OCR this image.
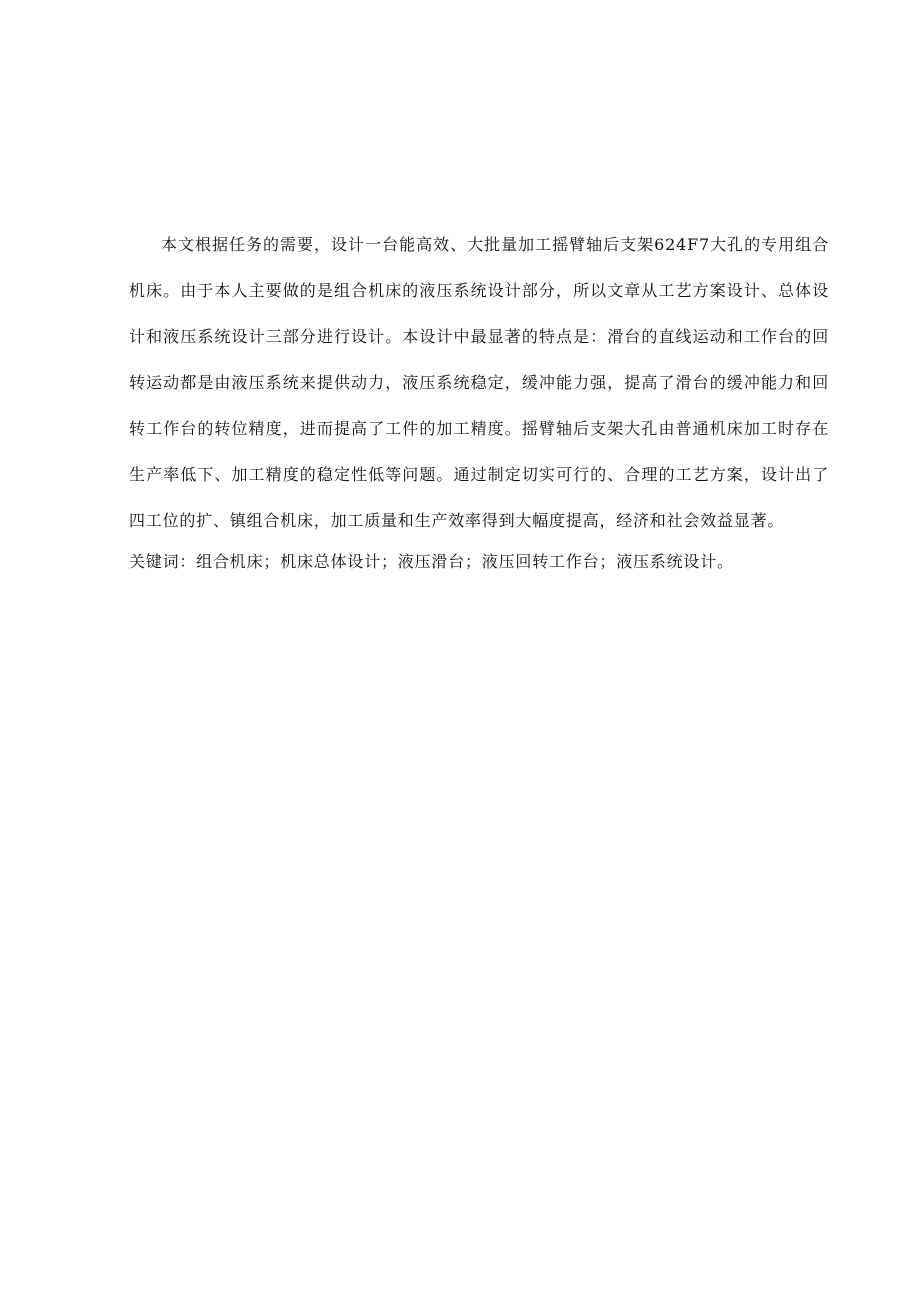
本文根据任务的需要，设计一台能高效、大批量加工摇臂轴后支架624F7大孔的专用组合机床。由于本人主要做的是组合机床的液压系统设计部分，所以文章从工艺方案设计、总体设计和液压系统设计三部分进行设计。本设计中最显著的特点是：滑台的直线运动和工作台的回转运动都是由液压系统来提供动力，液压系统稳定，缓冲能力强，提高了滑台的缓冲能力和回转工作台的转位精度，进而提高了工件的加工精度。摇臂轴后支架大孔由普通机床加工时存在生产率低下、加工精度的稳定性低等问题。通过制定切实可行的、合理的工艺方案，设计出了四工位的扩、镇组合机床，加工质量和生产效率得到大幅度提高，经济和社会效益显著。

关键词：组合机床；机床总体设计；液压滑台；液压回转工作台；液压系统设计。
